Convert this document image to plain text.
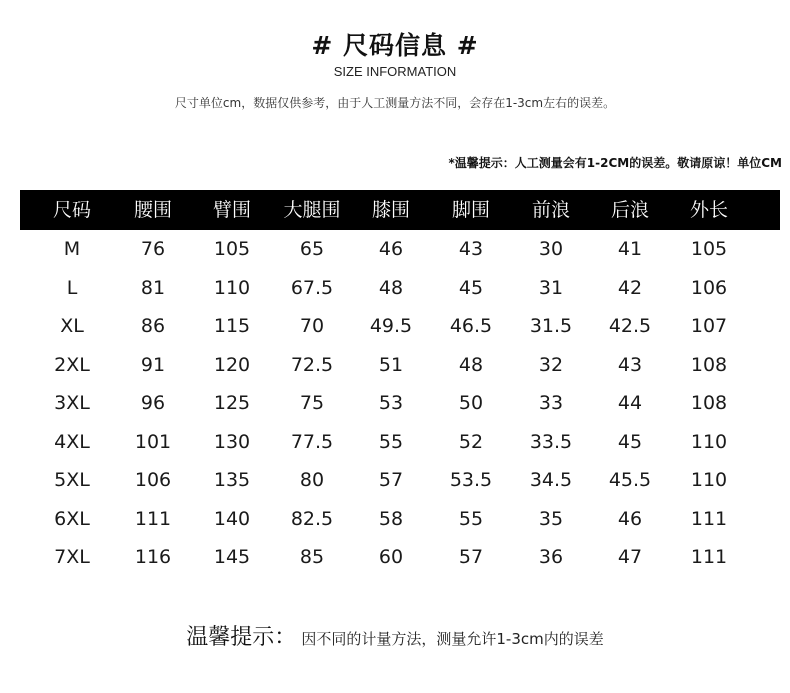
# 尺码信息 #
SIZE INFORMATION
尺寸单位cm，数据仅供参考，由于人工测量方法不同，会存在1-3cm左右的误差。
*温馨提示：人工测量会有1-2CM的误差。敬请原谅！单位CM
尺码	腰围	臂围	大腿围	膝围	脚围	前浪	后浪	外长
M	76	105	65	46	43	30	41	105
L	81	110	67.5	48	45	31	42	106
XL	86	115	70	49.5	46.5	31.5	42.5	107
2XL	91	120	72.5	51	48	32	43	108
3XL	96	125	75	53	50	33	44	108
4XL	101	130	77.5	55	52	33.5	45	110
5XL	106	135	80	57	53.5	34.5	45.5	110
6XL	111	140	82.5	58	55	35	46	111
7XL	116	145	85	60	57	36	47	111
温馨提示： 因不同的计量方法，测量允许1-3cm内的误差
